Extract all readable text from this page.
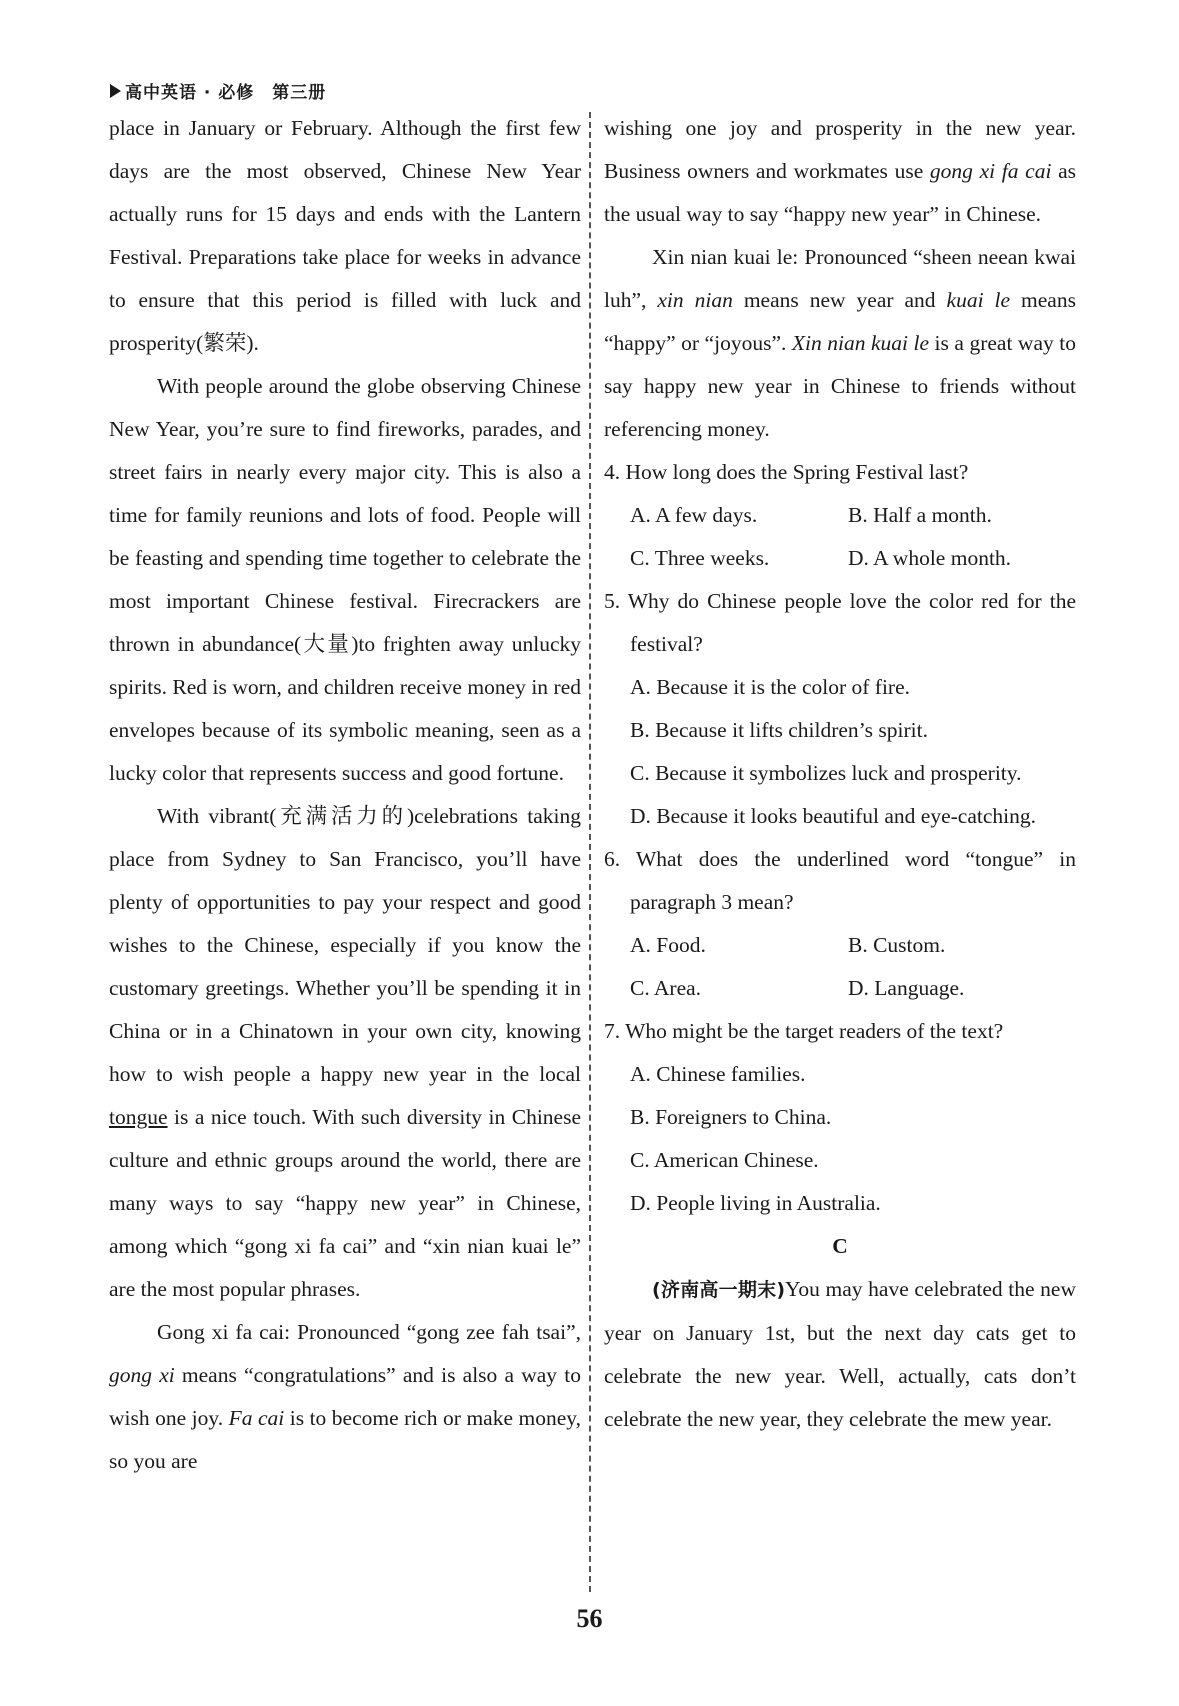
高中英语 · 必修　第三册

place in January or February. Although the first few days are the most observed, Chinese New Year actually runs for 15 days and ends with the Lantern Festival. Preparations take place for weeks in advance to ensure that this period is filled with luck and prosperity(繁荣).

With people around the globe observing Chinese New Year, you’re sure to find fireworks, parades, and street fairs in nearly every major city. This is also a time for family reunions and lots of food. People will be feasting and spending time together to celebrate the most important Chinese festival. Firecrackers are thrown in abundance(大量)to frighten away unlucky spirits. Red is worn, and children receive money in red envelopes because of its symbolic meaning, seen as a lucky color that represents success and good fortune.

With vibrant(充满活力的)celebrations taking place from Sydney to San Francisco, you’ll have plenty of opportunities to pay your respect and good wishes to the Chinese, especially if you know the customary greetings. Whether you’ll be spending it in China or in a Chinatown in your own city, knowing how to wish people a happy new year in the local tongue is a nice touch. With such diversity in Chinese culture and ethnic groups around the world, there are many ways to say “happy new year” in Chinese, among which “gong xi fa cai” and “xin nian kuai le” are the most popular phrases.

Gong xi fa cai: Pronounced “gong zee fah tsai”, gong xi means “congratulations” and is also a way to wish one joy. Fa cai is to become rich or make money, so you are

wishing one joy and prosperity in the new year. Business owners and workmates use gong xi fa cai as the usual way to say “happy new year” in Chinese.

Xin nian kuai le: Pronounced “sheen neean kwai luh”, xin nian means new year and kuai le means “happy” or “joyous”. Xin nian kuai le is a great way to say happy new year in Chinese to friends without referencing money.

4. How long does the Spring Festival last?

A. A few days.	B. Half a month.
C. Three weeks.	D. A whole month.

5. Why do Chinese people love the color red for the festival?

A. Because it is the color of fire.

B. Because it lifts children’s spirit.

C. Because it symbolizes luck and prosperity.

D. Because it looks beautiful and eye-catching.

6. What does the underlined word “tongue” in paragraph 3 mean?

A. Food.	B. Custom.
C. Area.	D. Language.

7. Who might be the target readers of the text?

A. Chinese families.

B. Foreigners to China.

C. American Chinese.

D. People living in Australia.

C

(济南高一期末)You may have celebrated the new year on January 1st, but the next day cats get to celebrate the new year. Well, actually, cats don’t celebrate the new year, they celebrate the mew year.

56
